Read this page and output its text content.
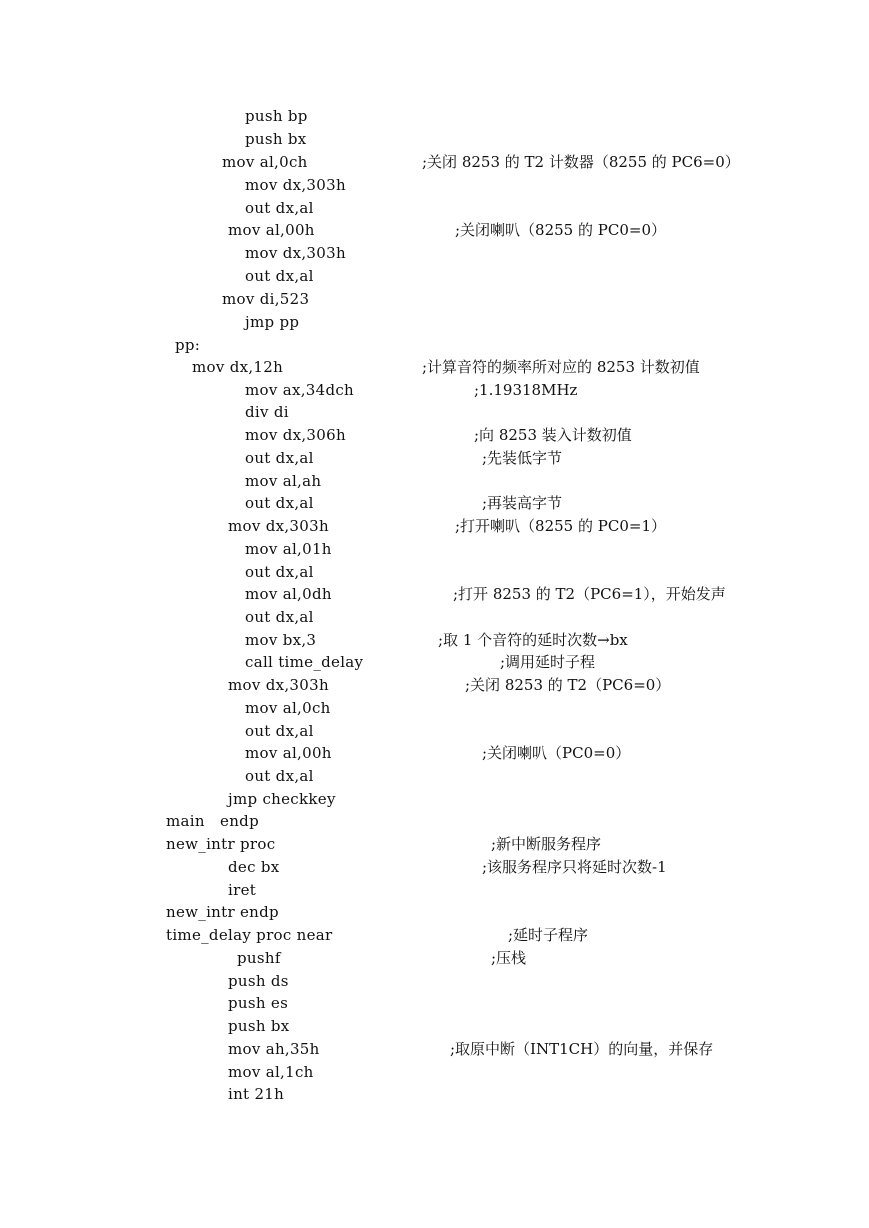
push bp
push bx
mov al,0ch	;关闭 8253 的 T2 计数器（8255 的 PC6=0）
mov dx,303h
out dx,al
mov al,00h	;关闭喇叭（8255 的 PC0=0）
mov dx,303h
out dx,al
mov di,523
jmp pp
pp:
mov dx,12h	;计算音符的频率所对应的 8253 计数初值
mov ax,34dch	;1.19318MHz
div di
mov dx,306h	;向 8253 装入计数初值
out dx,al	;先装低字节
mov al,ah
out dx,al	;再装高字节
mov dx,303h	;打开喇叭（8255 的 PC0=1）
mov al,01h
out dx,al
mov al,0dh	;打开 8253 的 T2（PC6=1），开始发声
out dx,al
mov bx,3	;取 1 个音符的延时次数→bx
call time_delay	;调用延时子程
mov dx,303h	;关闭 8253 的 T2（PC6=0）
mov al,0ch
out dx,al
mov al,00h	;关闭喇叭（PC0=0）
out dx,al
jmp checkkey
main   endp
new_intr proc	;新中断服务程序
dec bx	;该服务程序只将延时次数-1
iret
new_intr endp
time_delay proc near	;延时子程序
pushf	;压栈
push ds
push es
push bx
mov ah,35h	;取原中断（INT1CH）的向量，并保存
mov al,1ch
int 21h
